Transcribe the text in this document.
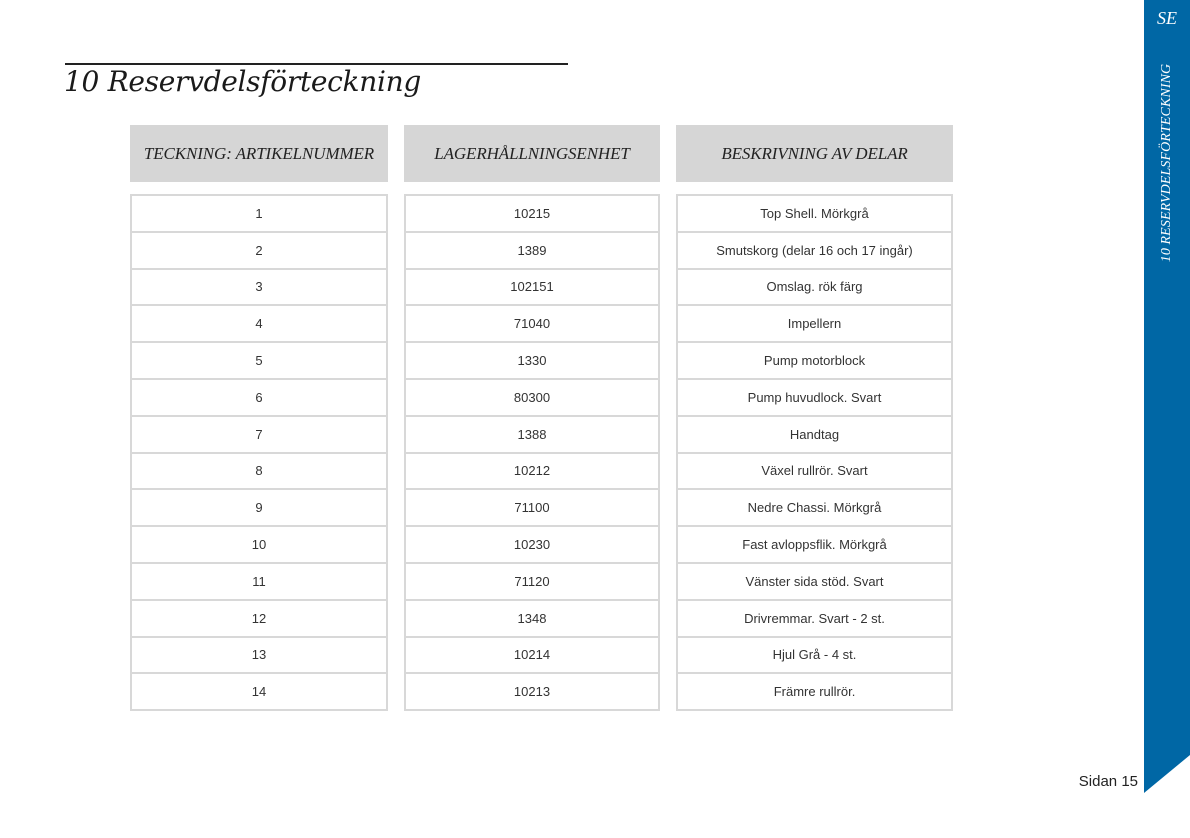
10 Reservdelsförteckning
TECKNING: ARTIKELNUMMER
1
2
3
4
5
6
7
8
9
10
11
12
13
14
LAGERHÅLLNINGSENHET
10215
1389
102151
71040
1330
80300
1388
10212
71100
10230
71120
1348
10214
10213
BESKRIVNING AV DELAR
Top Shell. Mörkgrå
Smutskorg (delar 16 och 17 ingår)
Omslag. rök färg
Impellern
Pump motorblock
Pump huvudlock. Svart
Handtag
Växel rullrör. Svart
Nedre Chassi. Mörkgrå
Fast avloppsflik. Mörkgrå
Vänster sida stöd. Svart
Drivremmar. Svart - 2 st.
Hjul Grå - 4 st.
Främre rullrör.
SE
10 RESERVDELSFÖRTECKNING
Sidan 15
